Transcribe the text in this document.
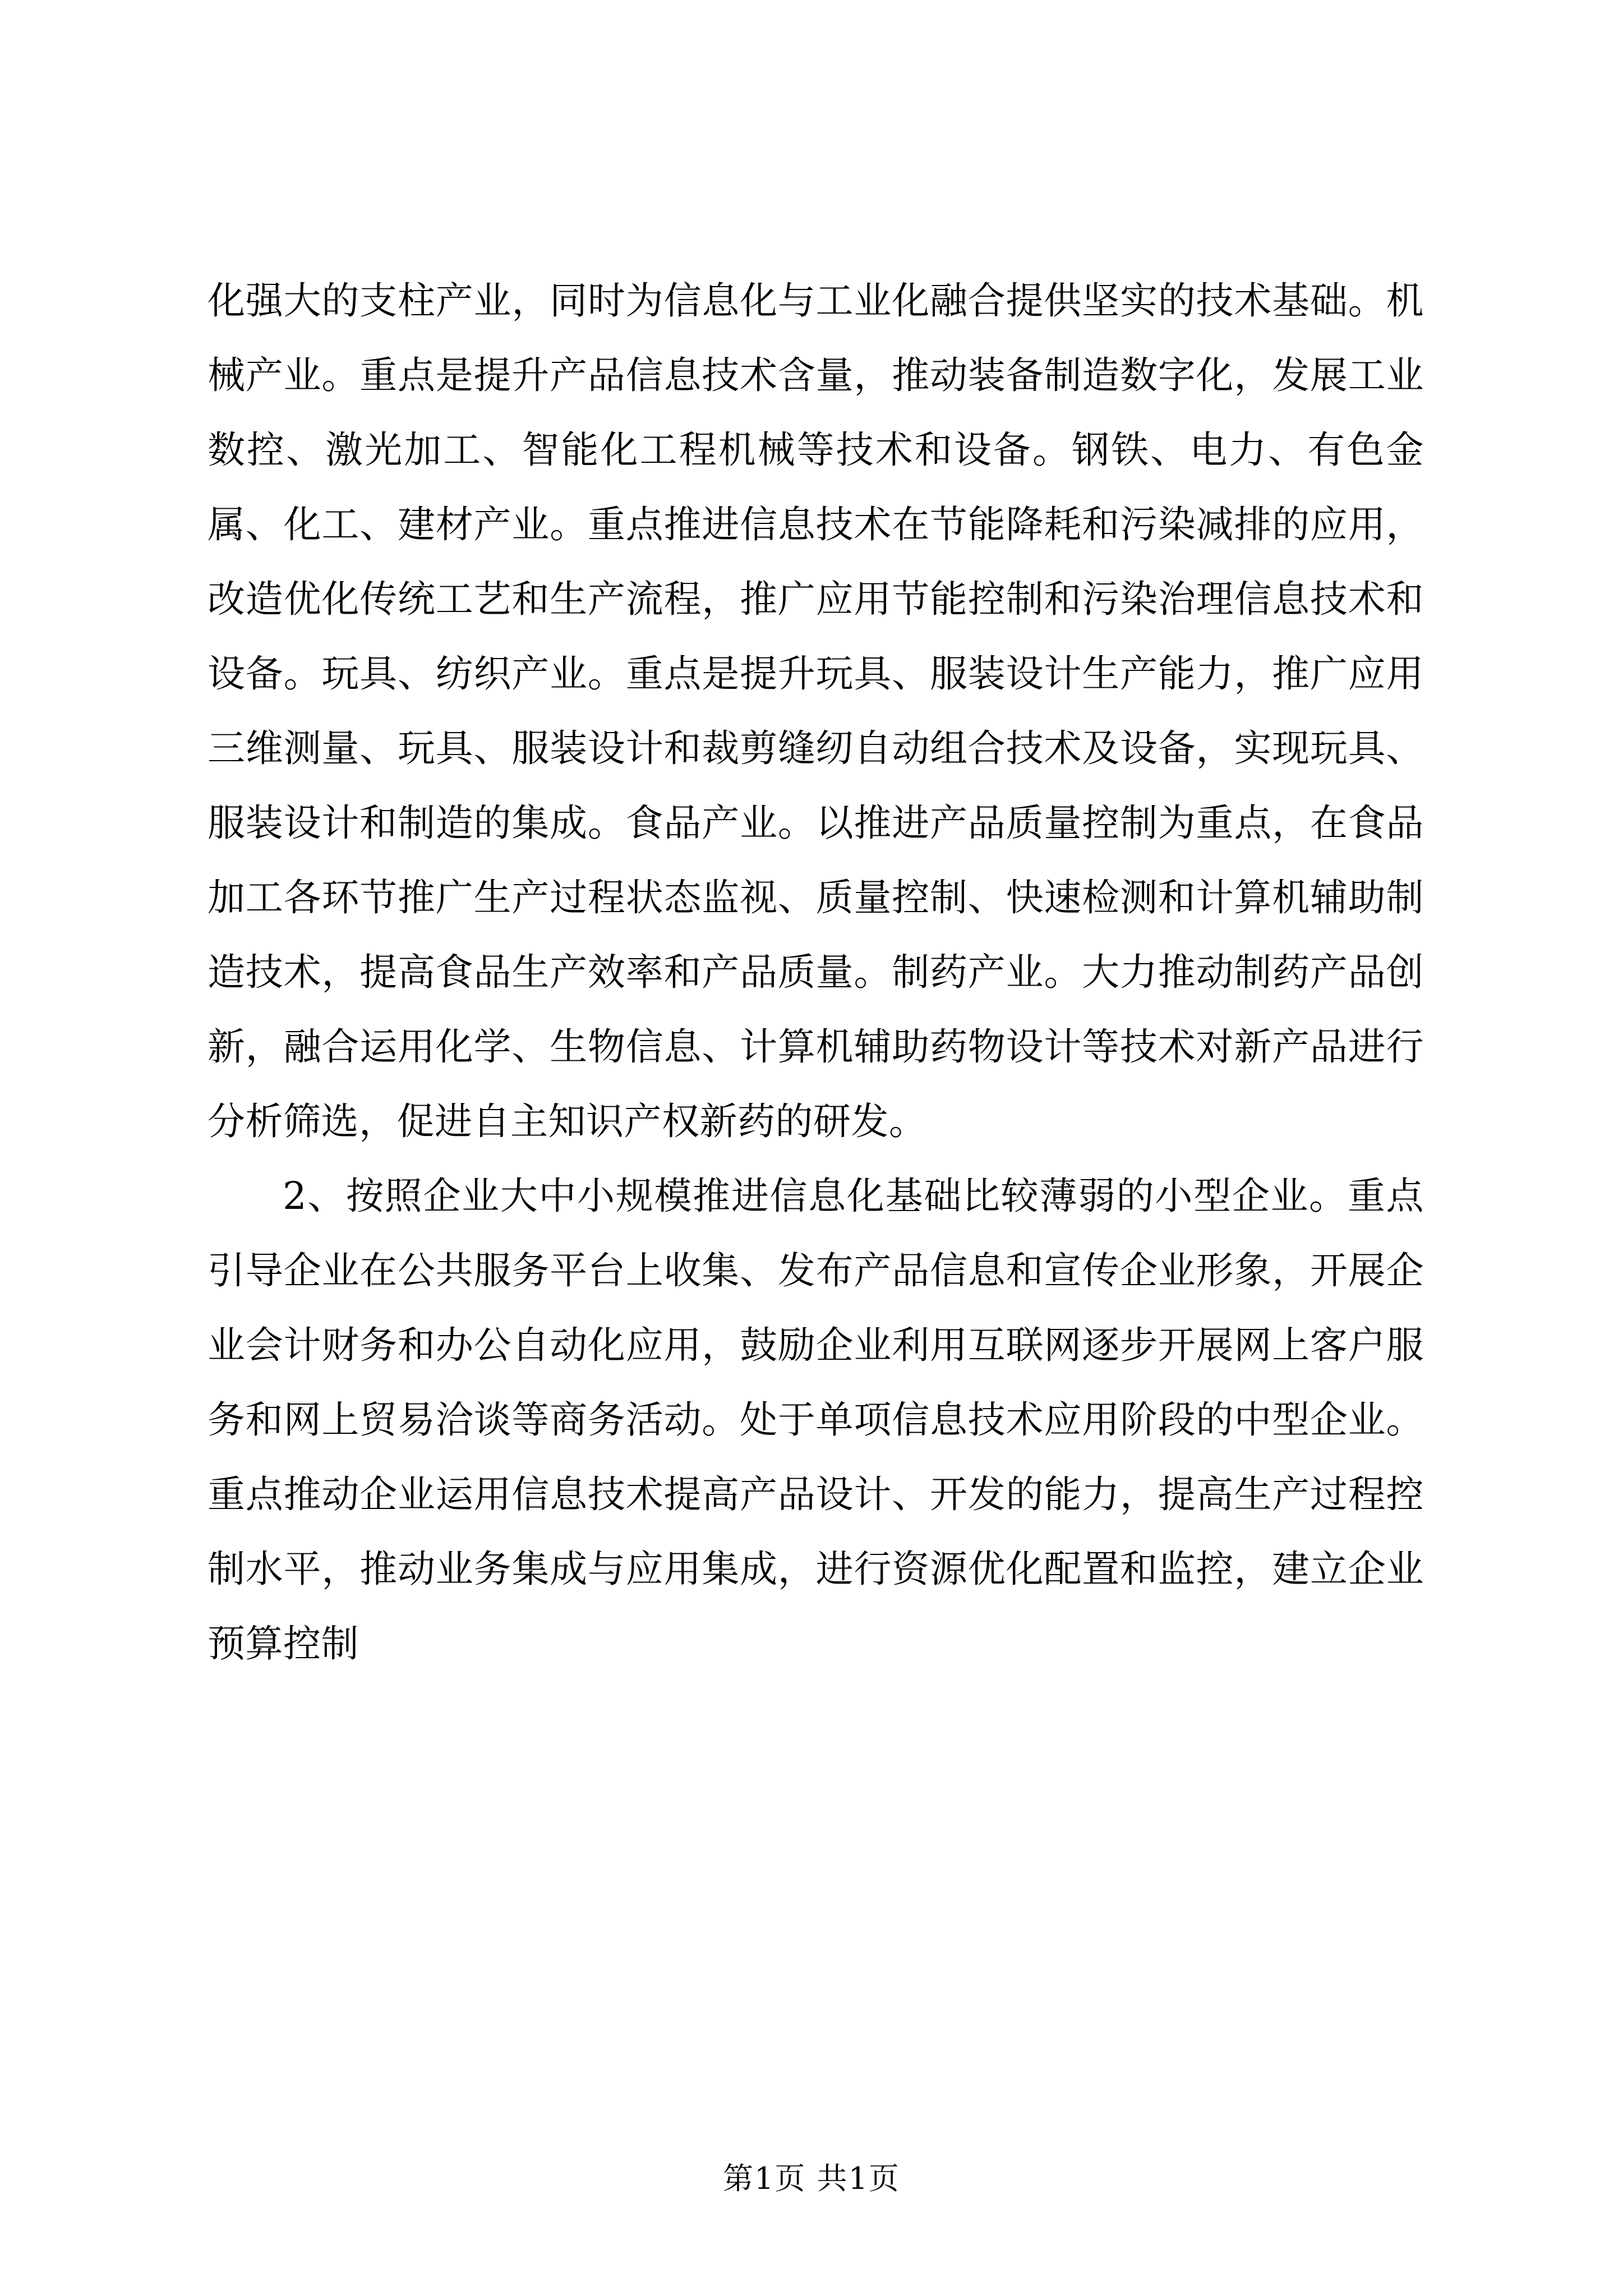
化强大的支柱产业，同时为信息化与工业化融合提供坚实的技术基础。机械产业。重点是提升产品信息技术含量，推动装备制造数字化，发展工业数控、激光加工、智能化工程机械等技术和设备。钢铁、电力、有色金属、化工、建材产业。重点推进信息技术在节能降耗和污染减排的应用，改造优化传统工艺和生产流程，推广应用节能控制和污染治理信息技术和设备。玩具、纺织产业。重点是提升玩具、服装设计生产能力，推广应用三维测量、玩具、服装设计和裁剪缝纫自动组合技术及设备，实现玩具、服装设计和制造的集成。食品产业。以推进产品质量控制为重点，在食品加工各环节推广生产过程状态监视、质量控制、快速检测和计算机辅助制造技术，提高食品生产效率和产品质量。制药产业。大力推动制药产品创新，融合运用化学、生物信息、计算机辅助药物设计等技术对新产品进行分析筛选，促进自主知识产权新药的研发。

2、按照企业大中小规模推进信息化基础比较薄弱的小型企业。重点引导企业在公共服务平台上收集、发布产品信息和宣传企业形象，开展企业会计财务和办公自动化应用，鼓励企业利用互联网逐步开展网上客户服务和网上贸易洽谈等商务活动。处于单项信息技术应用阶段的中型企业。重点推动企业运用信息技术提高产品设计、开发的能力，提高生产过程控制水平，推动业务集成与应用集成，进行资源优化配置和监控，建立企业预算控制

第1页 共1页
